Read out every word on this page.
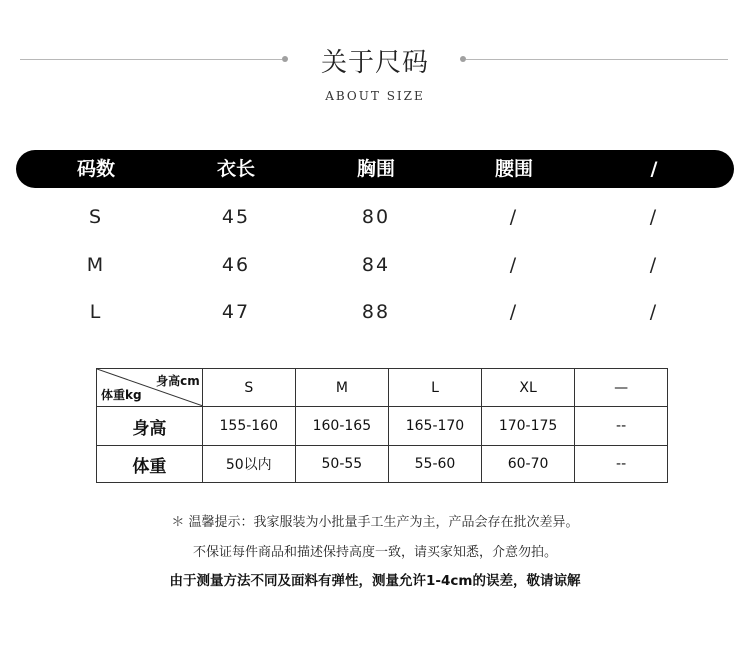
关于尺码
ABOUT SIZE
码数	衣长	胸围	腰围	/
S	45	80	/	/
M	46	84	/	/
L	47	88	/	/
身高cm
体重kg	S	M	L	XL	—
身高	155-160	160-165	165-170	170-175	--
体重	50以内	50-55	55-60	60-70	--
＊ 温馨提示：我家服装为小批量手工生产为主，产品会存在批次差异。
不保证每件商品和描述保持高度一致，请买家知悉，介意勿拍。
由于测量方法不同及面料有弹性，测量允许1-4cm的误差，敬请谅解
